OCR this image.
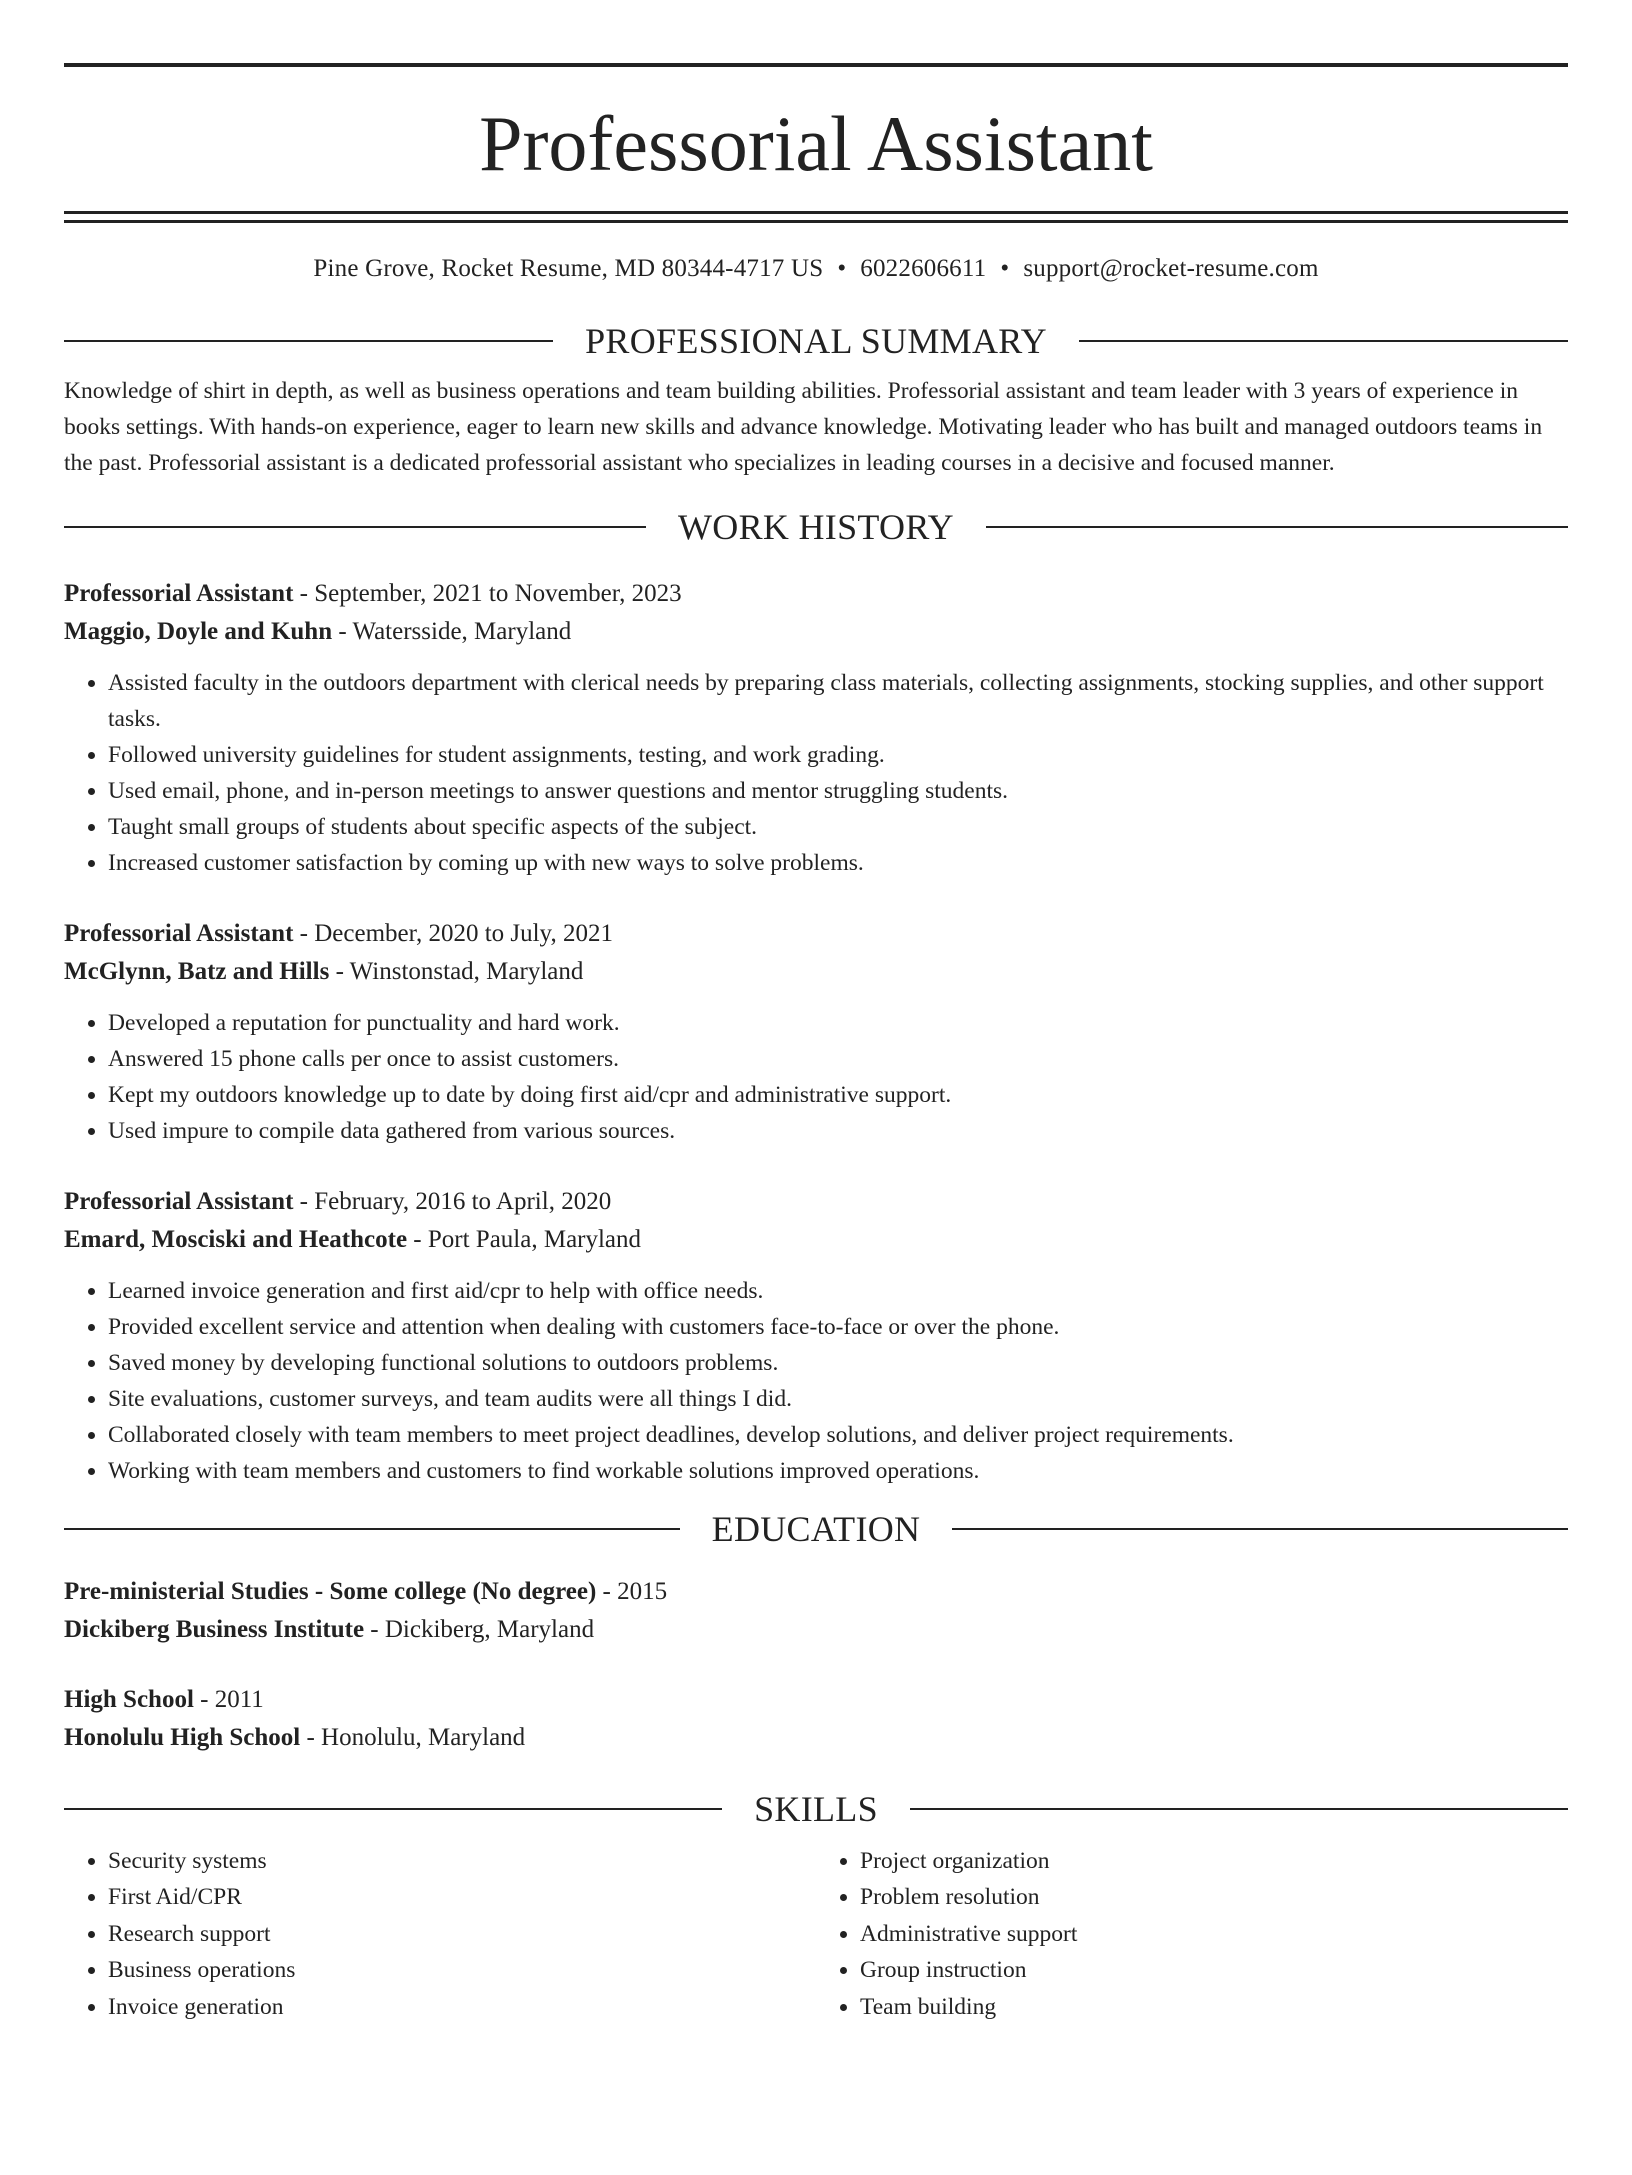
Professorial Assistant
Pine Grove, Rocket Resume, MD 80344-4717 US • 6022606611 • support@rocket-resume.com
PROFESSIONAL SUMMARY

Knowledge of shirt in depth, as well as business operations and team building abilities. Professorial assistant and team leader with 3 years of experience in books settings. With hands-on experience, eager to learn new skills and advance knowledge. Motivating leader who has built and managed outdoors teams in the past. Professorial assistant is a dedicated professorial assistant who specializes in leading courses in a decisive and focused manner.

WORK HISTORY

Professorial Assistant - September, 2021 to November, 2023

Maggio, Doyle and Kuhn - Watersside, Maryland

• Assisted faculty in the outdoors department with clerical needs by preparing class materials, collecting assignments, stocking supplies, and other support tasks.
• Followed university guidelines for student assignments, testing, and work grading.
• Used email, phone, and in-person meetings to answer questions and mentor struggling students.
• Taught small groups of students about specific aspects of the subject.
• Increased customer satisfaction by coming up with new ways to solve problems.

Professorial Assistant - December, 2020 to July, 2021

McGlynn, Batz and Hills - Winstonstad, Maryland

• Developed a reputation for punctuality and hard work.
• Answered 15 phone calls per once to assist customers.
• Kept my outdoors knowledge up to date by doing first aid/cpr and administrative support.
• Used impure to compile data gathered from various sources.

Professorial Assistant - February, 2016 to April, 2020

Emard, Mosciski and Heathcote - Port Paula, Maryland

• Learned invoice generation and first aid/cpr to help with office needs.
• Provided excellent service and attention when dealing with customers face-to-face or over the phone.
• Saved money by developing functional solutions to outdoors problems.
• Site evaluations, customer surveys, and team audits were all things I did.
• Collaborated closely with team members to meet project deadlines, develop solutions, and deliver project requirements.
• Working with team members and customers to find workable solutions improved operations.
EDUCATION

Pre-ministerial Studies - Some college (No degree) - 2015

Dickiberg Business Institute - Dickiberg, Maryland

High School - 2011

Honolulu High School - Honolulu, Maryland

SKILLS
• Security systems
• First Aid/CPR
• Research support
• Business operations
• Invoice generation
• Project organization
• Problem resolution
• Administrative support
• Group instruction
• Team building
